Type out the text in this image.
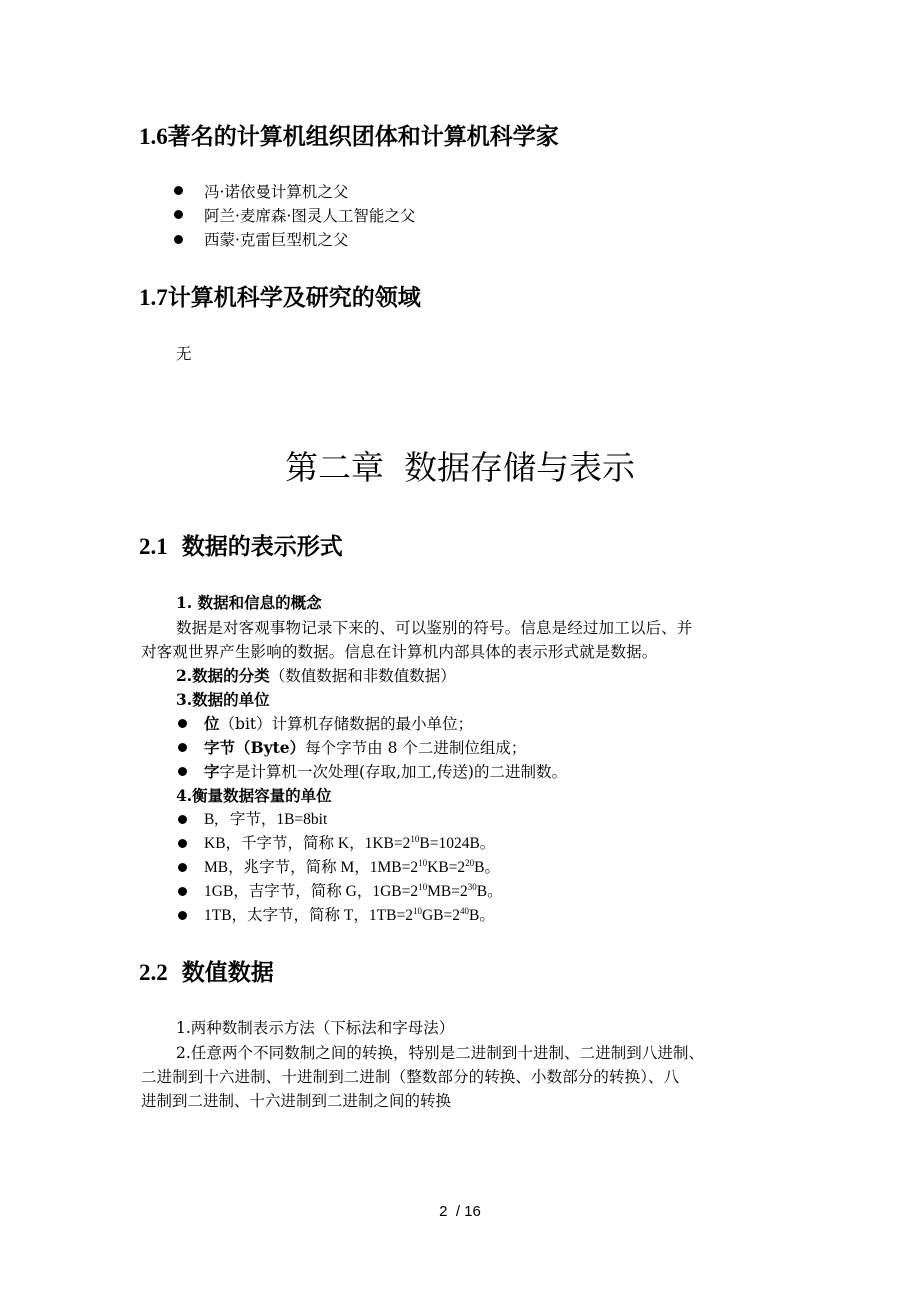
1.6著名的计算机组织团体和计算机科学家
冯·诺依曼计算机之父
阿兰·麦席森·图灵人工智能之父
西蒙·克雷巨型机之父
1.7计算机科学及研究的领域
无
第二章 数据存储与表示
2.1 数据的表示形式
1. 数据和信息的概念
数据是对客观事物记录下来的、可以鉴别的符号。信息是经过加工以后、并
对客观世界产生影响的数据。信息在计算机内部具体的表示形式就是数据。
2.数据的分类（数值数据和非数值数据）
3.数据的单位
位（bit）计算机存储数据的最小单位；
字节（Byte）每个字节由 8 个二进制位组成；
字字是计算机一次处理(存取,加工,传送)的二进制数。
4.衡量数据容量的单位
B,   字节，1B=8bit
KB，千字节，简称 K，$1KB=2^{10}B=1024B$。
MB，兆字节，简称 M，$1MB=2^{10}KB=2^{20}B$。
1GB，吉字节，简称 G，$1GB=2^{10}MB=2^{30}B$。
1TB，太字节，简称 T，$1TB=2^{10}GB=2^{40}B$。
2.2 数值数据
1.两种数制表示方法（下标法和字母法）
2.任意两个不同数制之间的转换，特别是二进制到十进制、二进制到八进制、
二进制到十六进制、十进制到二进制（整数部分的转换、小数部分的转换）、八
进制到二进制、十六进制到二进制之间的转换
2  / 16
